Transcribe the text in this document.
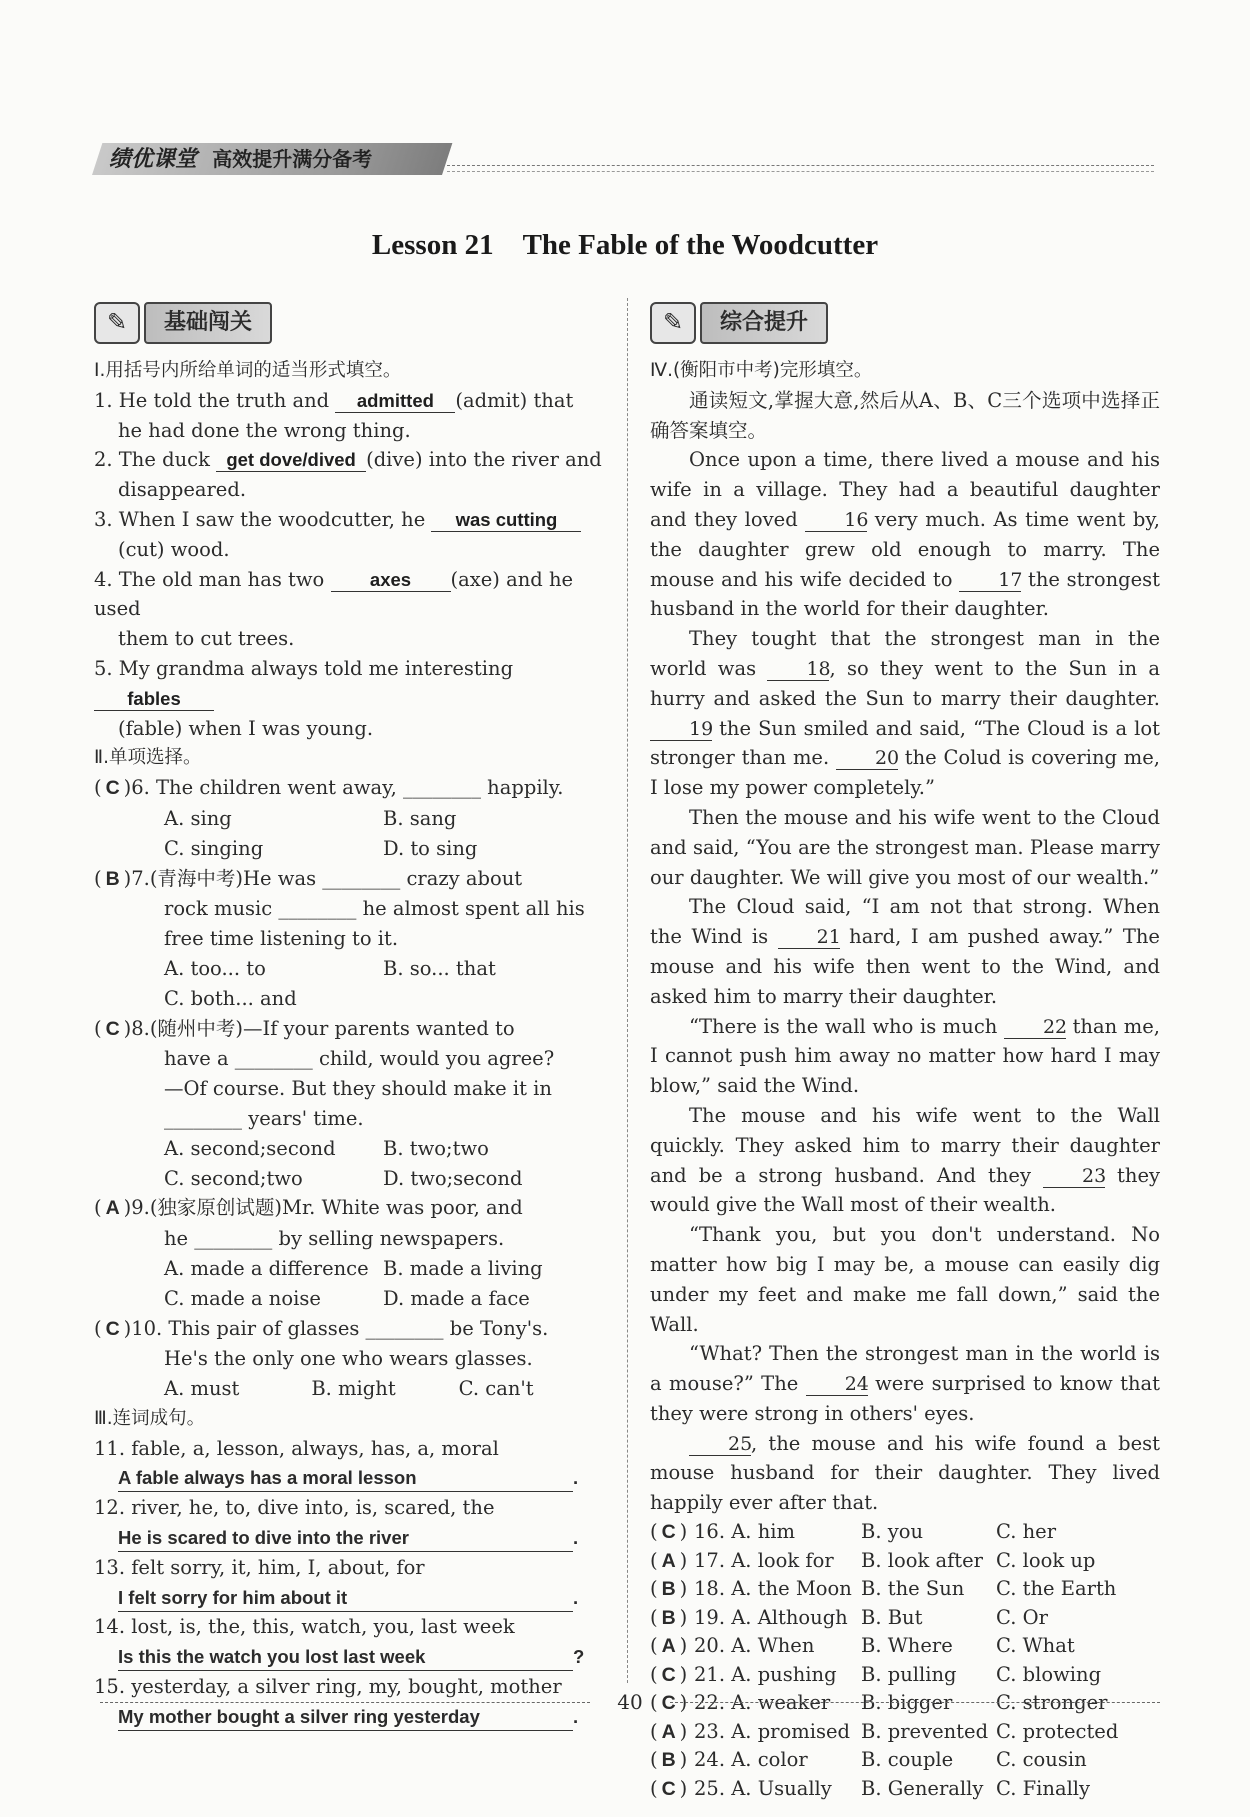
绩优课堂 高效提升满分备考
Lesson 21　The Fable of the Woodcutter
✎	基础闯关
Ⅰ.用括号内所给单词的适当形式填空。
1. He told the truth and admitted (admit) that
he had done the wrong thing.
2. The duck get dove/dived (dive) into the river and
disappeared.
3. When I saw the woodcutter, he was cutting
(cut) wood.
4. The old man has two axes (axe) and he used
them to cut trees.
5. My grandma always told me interesting fables
(fable) when I was young.
Ⅱ.单项选择。
( C )6. The children went away, ________ happily.
A. sing	B. sang
C. singing	D. to sing
( B )7.(青海中考)He was ________ crazy about
rock music ________ he almost spent all his
free time listening to it.
A. too... to	B. so... that
C. both... and
( C )8.(随州中考)—If your parents wanted to
have a ________ child, would you agree?
—Of course. But they should make it in
________ years' time.
A. second;second	B. two;two
C. second;two	D. two;second
( A )9.(独家原创试题)Mr. White was poor, and
he ________ by selling newspapers.
A. made a difference B. made a living
C. made a noise	D. made a face
( C )10. This pair of glasses ________ be Tony's.
He's the only one who wears glasses.
A. must	B. might	C. can't
Ⅲ.连词成句。
11. fable, a, lesson, always, has, a, moral
A fable always has a moral lesson	.
12. river, he, to, dive into, is, scared, the
He is scared to dive into the river	.
13. felt sorry, it, him, I, about, for
I felt sorry for him about it	.
14. lost, is, the, this, watch, you, last week
Is this the watch you lost last week	?
15. yesterday, a silver ring, my, bought, mother
My mother bought a silver ring yesterday	.
✎	综合提升
Ⅳ.(衡阳市中考)完形填空。

通读短文,掌握大意,然后从A、B、C三个选项中选择正确答案填空。

Once upon a time, there lived a mouse and his wife in a village. They had a beautiful daughter and they loved 16 very much. As time went by, the daughter grew old enough to marry. The mouse and his wife decided to 17 the strongest husband in the world for their daughter.

They tought that the strongest man in the world was 18, so they went to the Sun in a hurry and asked the Sun to marry their daughter. 19 the Sun smiled and said, “The Cloud is a lot stronger than me. 20 the Colud is covering me, I lose my power completely.”

Then the mouse and his wife went to the Cloud and said, “You are the strongest man. Please marry our daughter. We will give you most of our wealth.”

The Cloud said, “I am not that strong. When the Wind is 21 hard, I am pushed away.” The mouse and his wife then went to the Wind, and asked him to marry their daughter.

“There is the wall who is much 22 than me, I cannot push him away no matter how hard I may blow,” said the Wind.

The mouse and his wife went to the Wall quickly. They asked him to marry their daughter and be a strong husband. And they 23 they would give the Wall most of their wealth.

“Thank you, but you don't understand. No matter how big I may be, a mouse can easily dig under my feet and make me fall down,” said the Wall.

“What? Then the strongest man in the world is a mouse?” The 24 were surprised to know that they were strong in others' eyes.

25, the mouse and his wife found a best mouse husband for their daughter. They lived happily ever after that.

( C ) 16. A. him	B. you	C. her
( A ) 17. A. look for	B. look after C. look up
( B ) 18. A. the Moon B. the Sun	C. the Earth
( B ) 19. A. Although B. But	C. Or
( A ) 20. A. When	B. Where	C. What
( C ) 21. A. pushing	B. pulling	C. blowing
( C ) 22. A. weaker	B. bigger	C. stronger
( A ) 23. A. promised B. prevented C. protected
( B ) 24. A. color	B. couple	C. cousin
( C ) 25. A. Usually	B. Generally C. Finally
40
